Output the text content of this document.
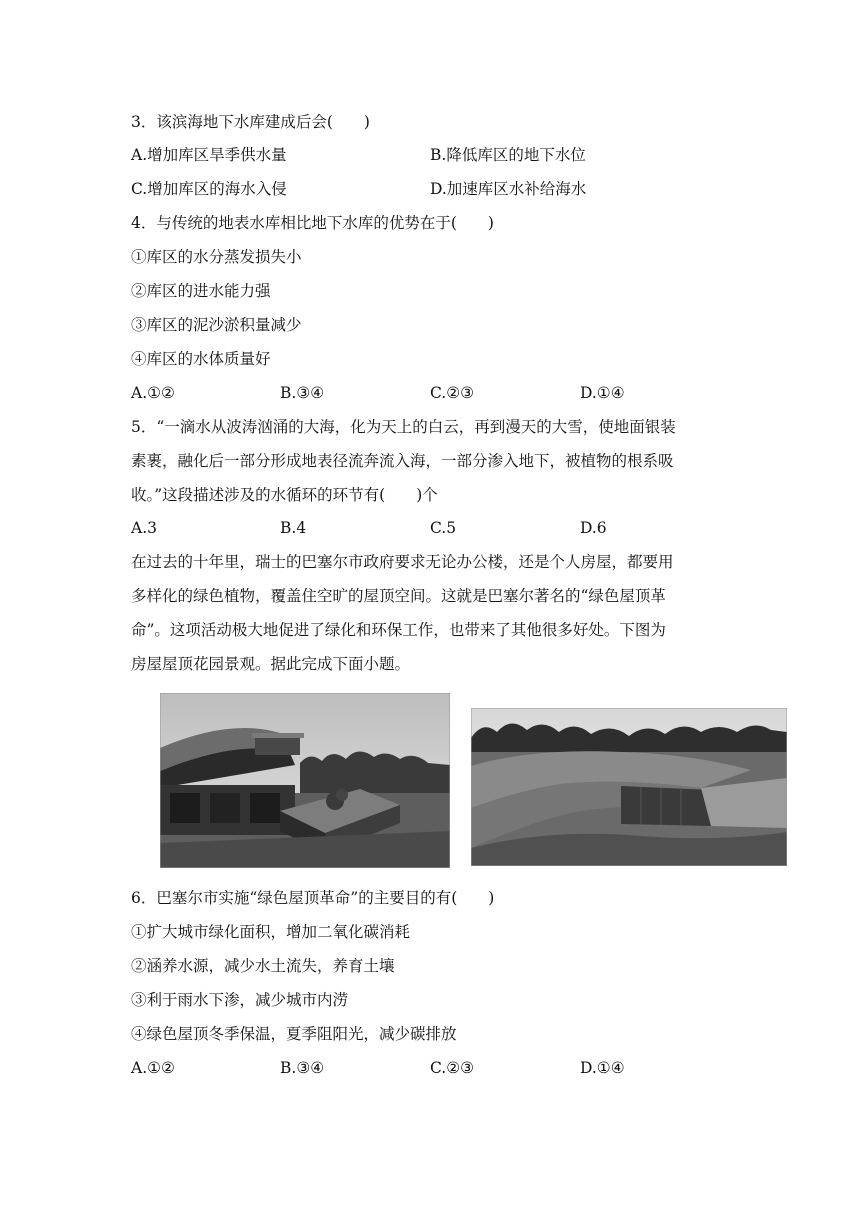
3．该滨海地下水库建成后会(　　)
A.增加库区旱季供水量	B.降低库区的地下水位
C.增加库区的海水入侵	D.加速库区水补给海水
4．与传统的地表水库相比地下水库的优势在于(　　)
①库区的水分蒸发损失小
②库区的进水能力强
③库区的泥沙淤积量减少
④库区的水体质量好
A.①②	B.③④	C.②③	D.①④
5．“一滴水从波涛汹涌的大海，化为天上的白云，再到漫天的大雪，使地面银装
素裹，融化后一部分形成地表径流奔流入海，一部分渗入地下，被植物的根系吸
收。”这段描述涉及的水循环的环节有(　　)个
A.3	B.4	C.5	D.6
在过去的十年里，瑞士的巴塞尔市政府要求无论办公楼，还是个人房屋，都要用
多样化的绿色植物，覆盖住空旷的屋顶空间。这就是巴塞尔著名的“绿色屋顶革
命”。这项活动极大地促进了绿化和环保工作，也带来了其他很多好处。下图为
房屋屋顶花园景观。据此完成下面小题。
6．巴塞尔市实施“绿色屋顶革命”的主要目的有(　　)
①扩大城市绿化面积，增加二氧化碳消耗
②涵养水源，减少水土流失，养育土壤
③利于雨水下渗，减少城市内涝
④绿色屋顶冬季保温，夏季阻阳光，减少碳排放
A.①②	B.③④	C.②③	D.①④
